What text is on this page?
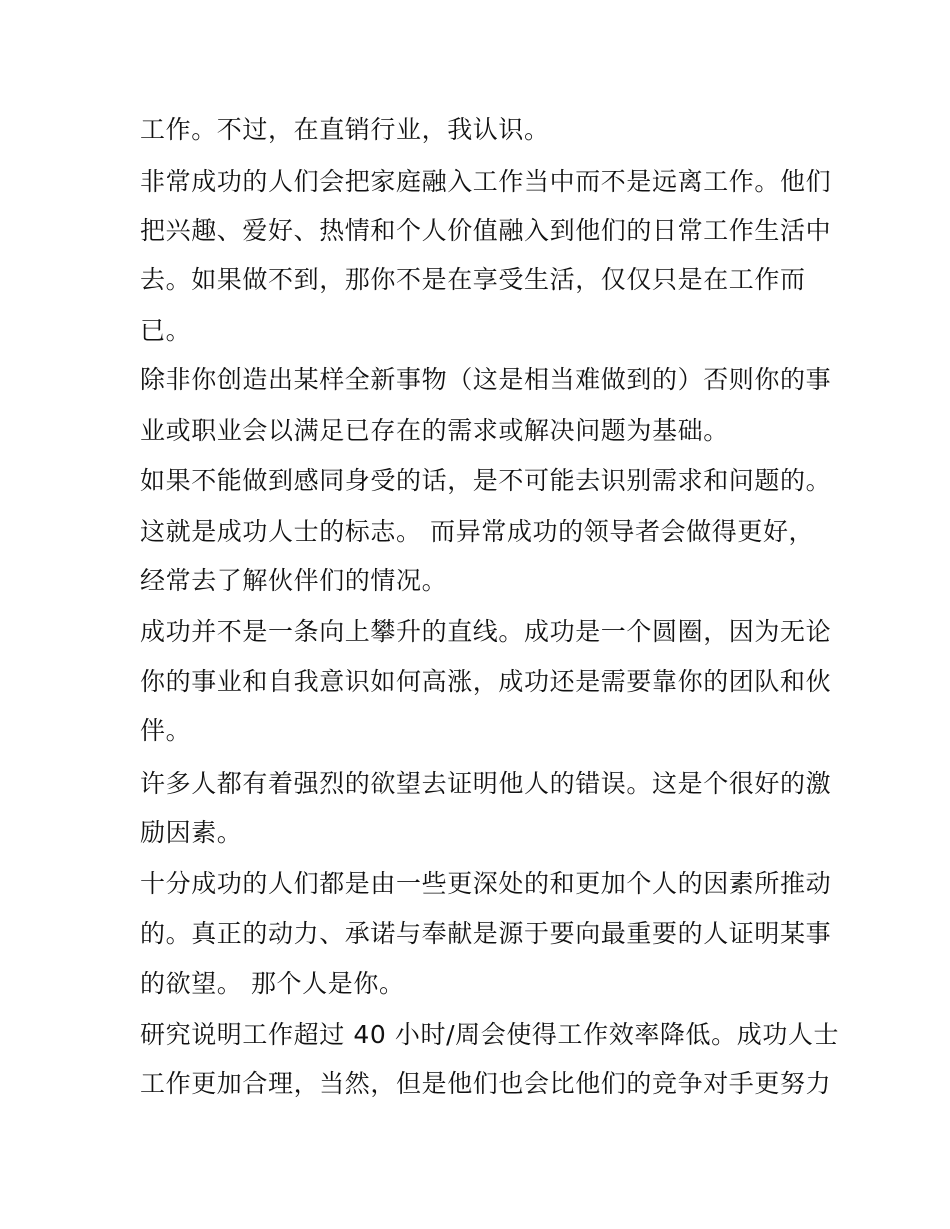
工作。不过，在直销行业，我认识。
非常成功的人们会把家庭融入工作当中而不是远离工作。他们
把兴趣、爱好、热情和个人价值融入到他们的日常工作生活中
去。如果做不到，那你不是在享受生活，仅仅只是在工作而
已。
除非你创造出某样全新事物（这是相当难做到的）否则你的事
业或职业会以满足已存在的需求或解决问题为基础。
如果不能做到感同身受的话，是不可能去识别需求和问题的。
这就是成功人士的标志。 而异常成功的领导者会做得更好，
经常去了解伙伴们的情况。
成功并不是一条向上攀升的直线。成功是一个圆圈，因为无论
你的事业和自我意识如何高涨，成功还是需要靠你的团队和伙
伴。
许多人都有着强烈的欲望去证明他人的错误。这是个很好的激
励因素。
十分成功的人们都是由一些更深处的和更加个人的因素所推动
的。真正的动力、承诺与奉献是源于要向最重要的人证明某事
的欲望。 那个人是你。
研究说明工作超过 40 小时/周会使得工作效率降低。成功人士
工作更加合理，当然，但是他们也会比他们的竞争对手更努力
